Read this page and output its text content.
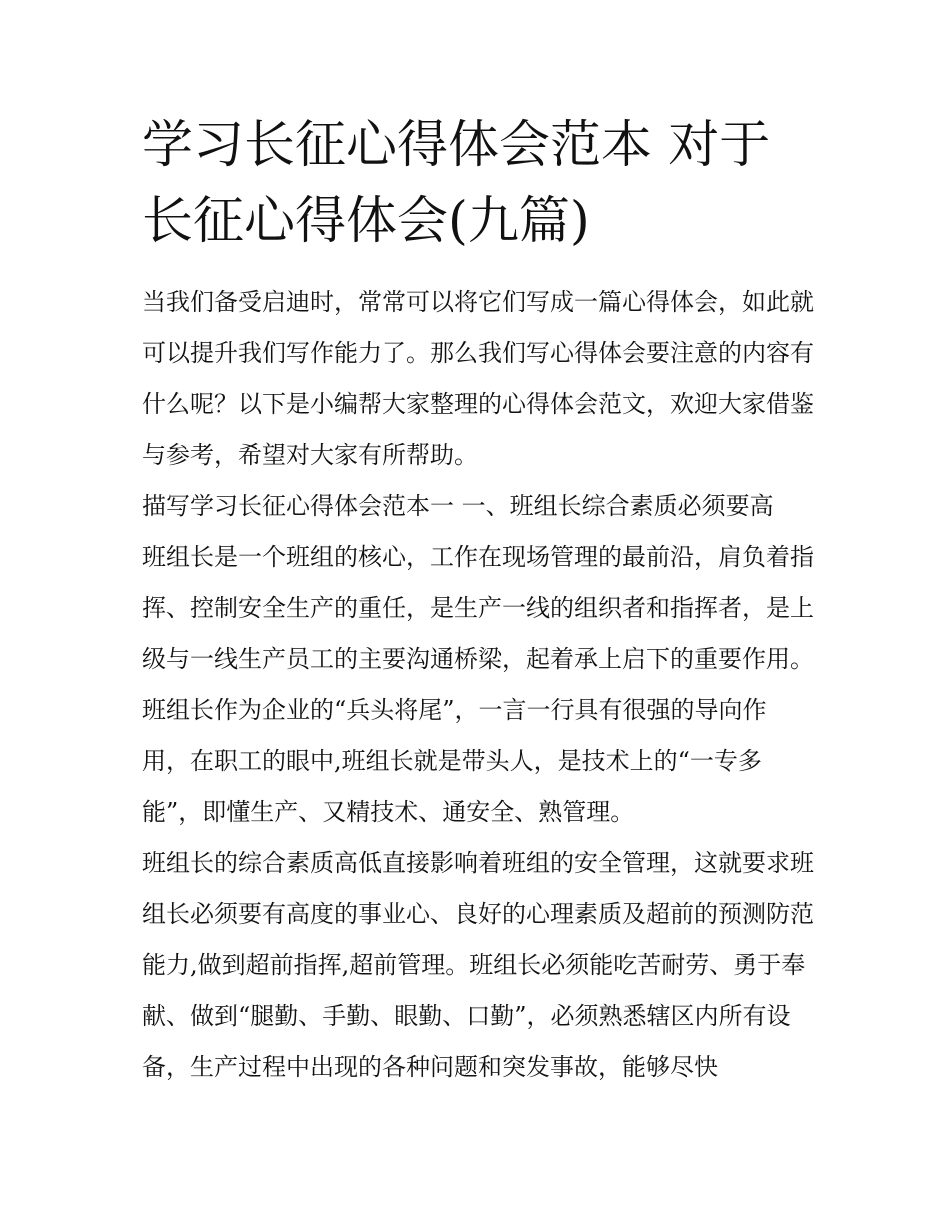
学习长征心得体会范本 对于长征心得体会(九篇)

当我们备受启迪时，常常可以将它们写成一篇心得体会，如此就可以提升我们写作能力了。那么我们写心得体会要注意的内容有什么呢？以下是小编帮大家整理的心得体会范文，欢迎大家借鉴与参考，希望对大家有所帮助。

描写学习长征心得体会范本一 一、班组长综合素质必须要高

班组长是一个班组的核心，工作在现场管理的最前沿，肩负着指挥、控制安全生产的重任，是生产一线的组织者和指挥者，是上级与一线生产员工的主要沟通桥梁，起着承上启下的重要作用。班组长作为企业的“兵头将尾”，一言一行具有很强的导向作用，在职工的眼中,班组长就是带头人，是技术上的“一专多能”，即懂生产、又精技术、通安全、熟管理。

班组长的综合素质高低直接影响着班组的安全管理，这就要求班组长必须要有高度的事业心、良好的心理素质及超前的预测防范能力,做到超前指挥,超前管理。班组长必须能吃苦耐劳、勇于奉献、做到“腿勤、手勤、眼勤、口勤”，必须熟悉辖区内所有设备，生产过程中出现的各种问题和突发事故，能够尽快
